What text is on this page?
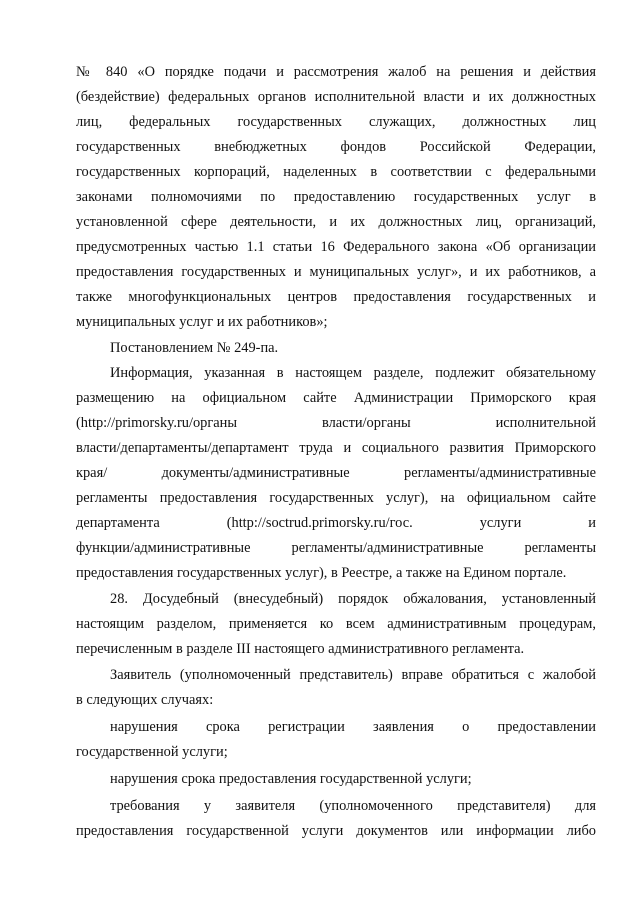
№ 840 «О порядке подачи и рассмотрения жалоб на решения и действия
(бездействие) федеральных органов исполнительной власти и их должностных
лиц, федеральных государственных служащих, должностных лиц
государственных внебюджетных фондов Российской Федерации,
государственных корпораций, наделенных в соответствии с федеральными
законами полномочиями по предоставлению государственных услуг в
установленной сфере деятельности, и их должностных лиц, организаций,
предусмотренных частью 1.1 статьи 16 Федерального закона «Об организации
предоставления государственных и муниципальных услуг», и их работников, а
также многофункциональных центров предоставления государственных и
муниципальных услуг и их работников»;
Постановлением № 249-па.
Информация, указанная в настоящем разделе, подлежит обязательному
размещению на официальном сайте Администрации Приморского края
(http://primorsky.ru/органы власти/органы исполнительной
власти/департаменты/департамент труда и социального развития Приморского
края/ документы/административные регламенты/административные
регламенты предоставления государственных услуг), на официальном сайте
департамента (http://soctrud.primorsky.ru/гос. услуги и
функции/административные регламенты/административные регламенты
предоставления государственных услуг), в Реестре, а также на Едином портале.
28. Досудебный (внесудебный) порядок обжалования, установленный
настоящим разделом, применяется ко всем административным процедурам,
перечисленным в разделе III настоящего административного регламента.
Заявитель (уполномоченный представитель) вправе обратиться с жалобой
в следующих случаях:
нарушения срока регистрации заявления о предоставлении
государственной услуги;
нарушения срока предоставления государственной услуги;
требования у заявителя (уполномоченного представителя) для
предоставления государственной услуги документов или информации либо
